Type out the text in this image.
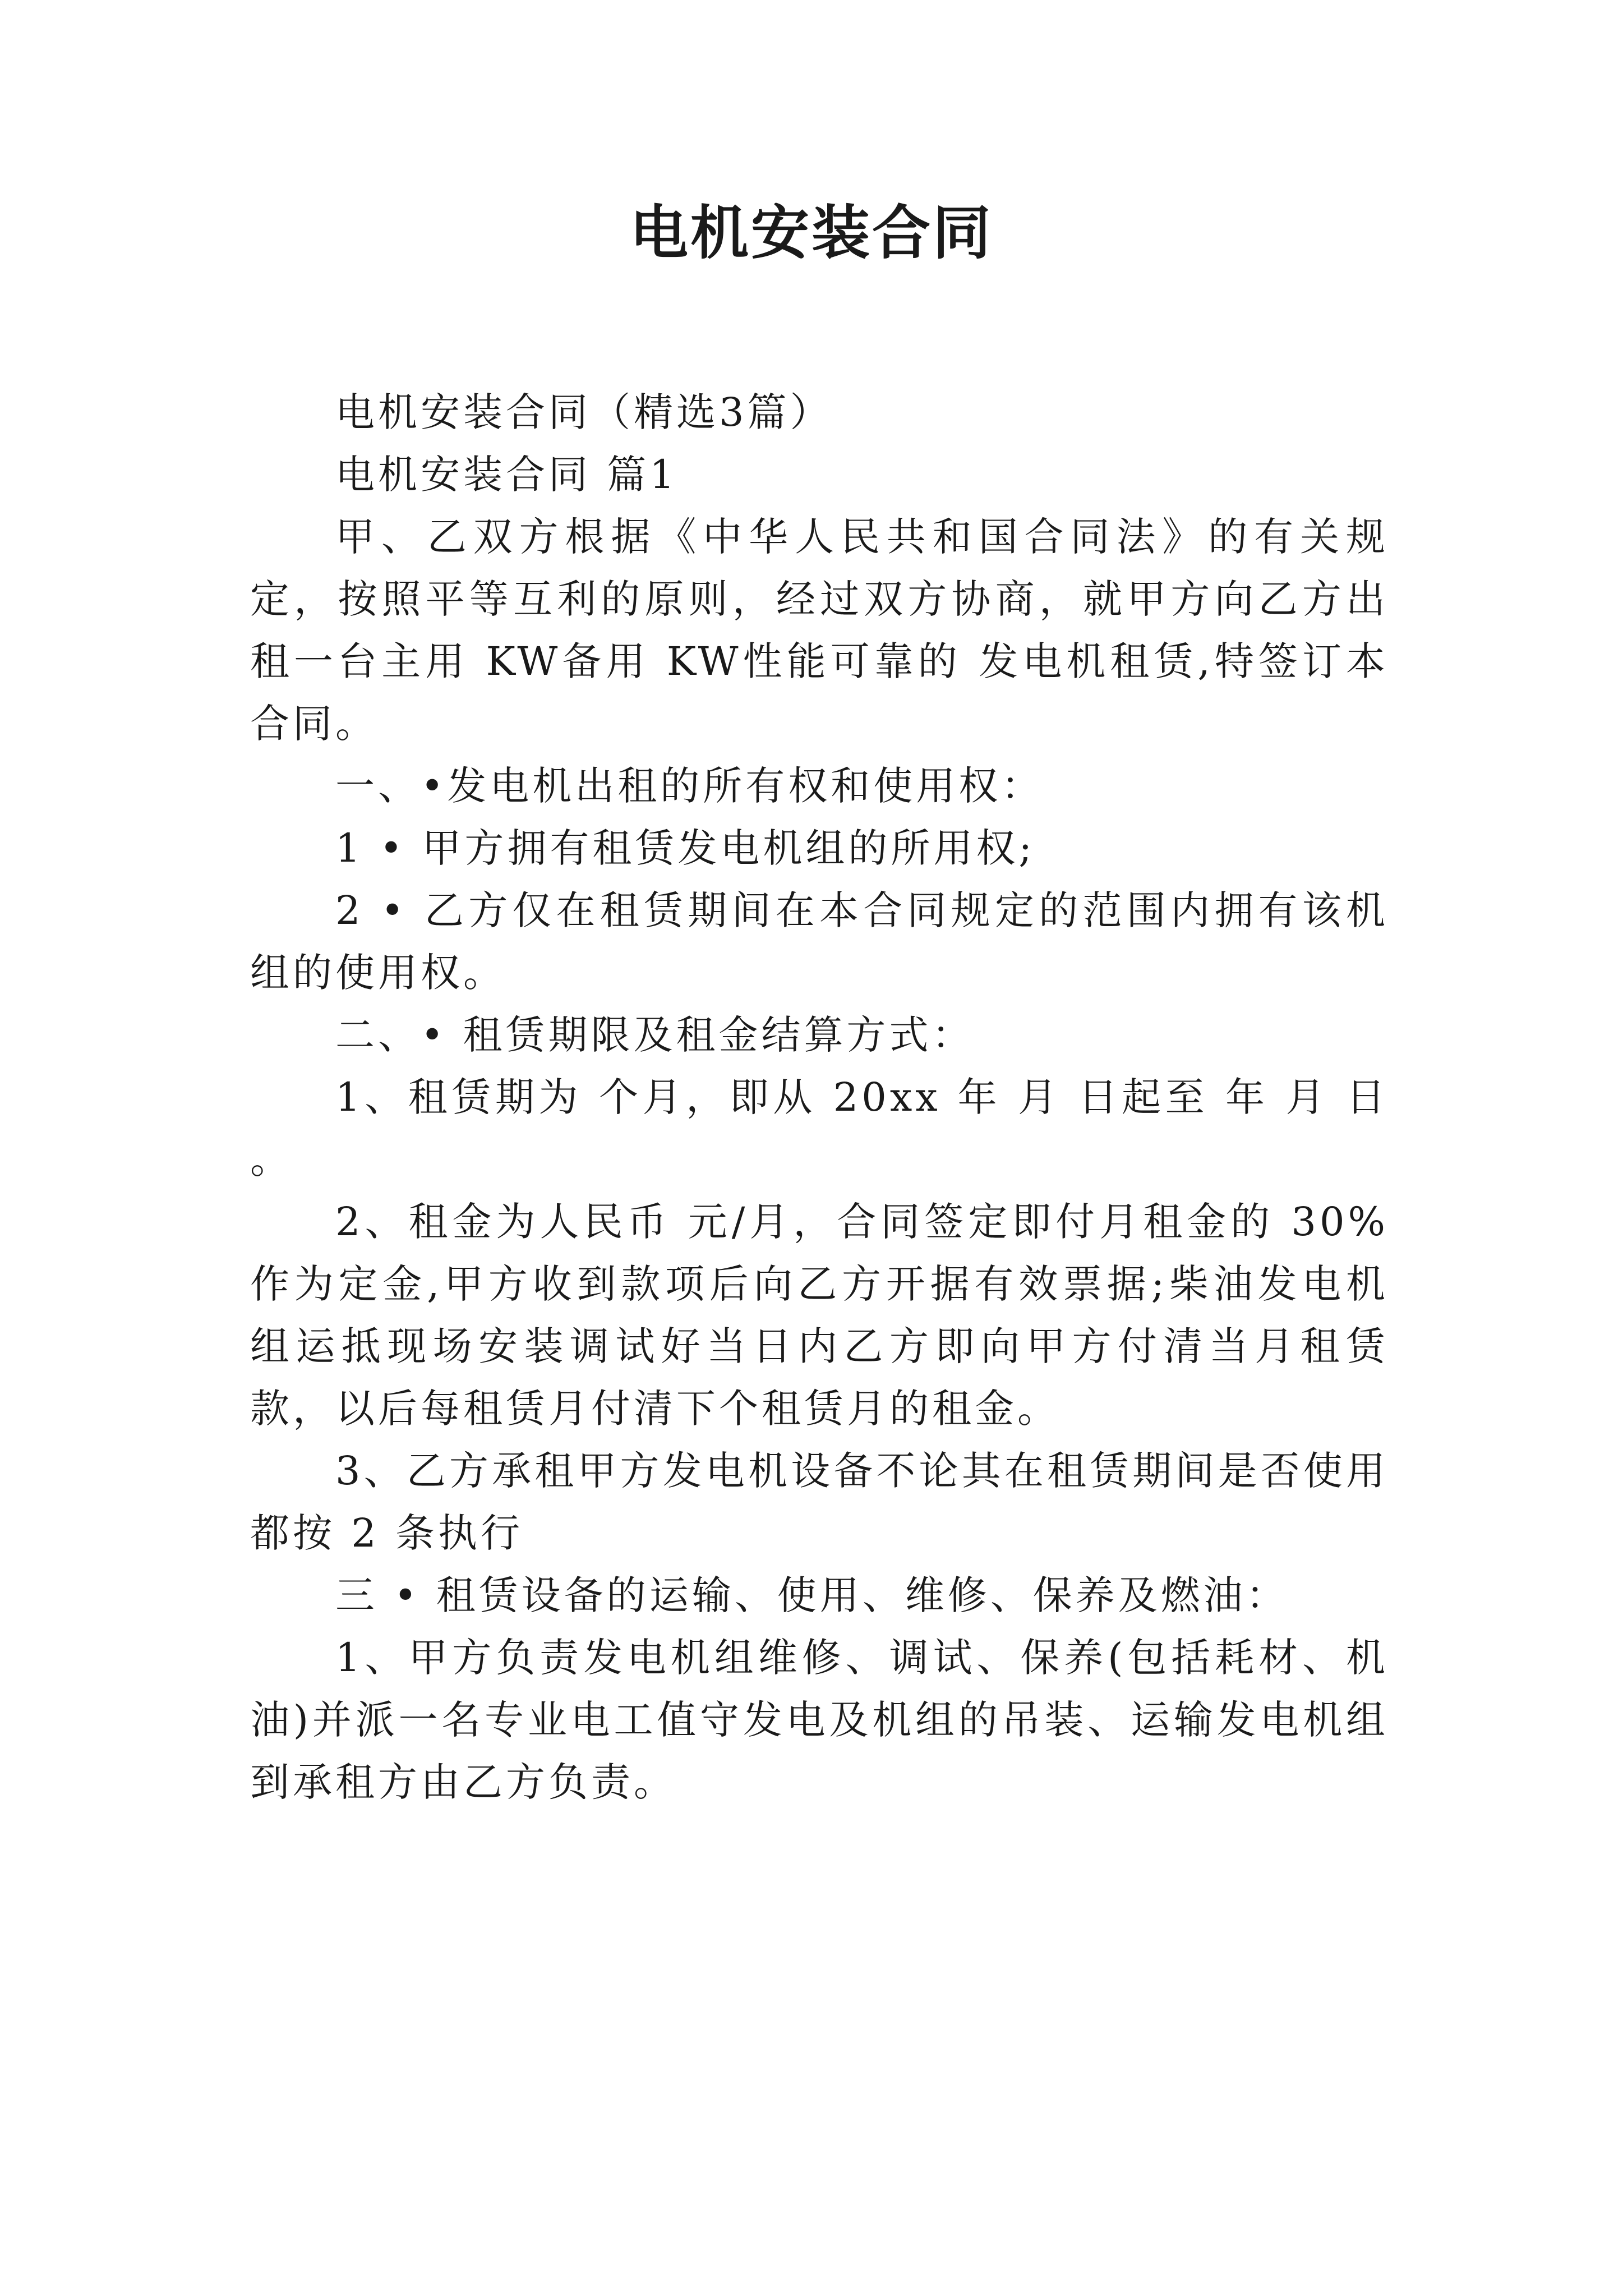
电机安装合同

电机安装合同（精选3篇）

电机安装合同 篇1

甲、乙双方根据《中华人民共和国合同法》的有关规定，按照平等互利的原则，经过双方协商，就甲方向乙方出租一台主用 KW备用 KW性能可靠的 发电机租赁,特签订本合同。

一、•发电机出租的所有权和使用权：

1 • 甲方拥有租赁发电机组的所用权;

2 • 乙方仅在租赁期间在本合同规定的范围内拥有该机组的使用权。

二、• 租赁期限及租金结算方式：

1、租赁期为 个月，即从 20xx 年 月 日起至 年 月 日 。

2、租金为人民币 元/月，合同签定即付月租金的 30%作为定金,甲方收到款项后向乙方开据有效票据;柴油发电机组运抵现场安装调试好当日内乙方即向甲方付清当月租赁款，以后每租赁月付清下个租赁月的租金。

3、乙方承租甲方发电机设备不论其在租赁期间是否使用都按 2 条执行

三 • 租赁设备的运输、使用、维修、保养及燃油：

1、甲方负责发电机组维修、调试、保养(包括耗材、机油)并派一名专业电工值守发电及机组的吊装、运输发电机组到承租方由乙方负责。
